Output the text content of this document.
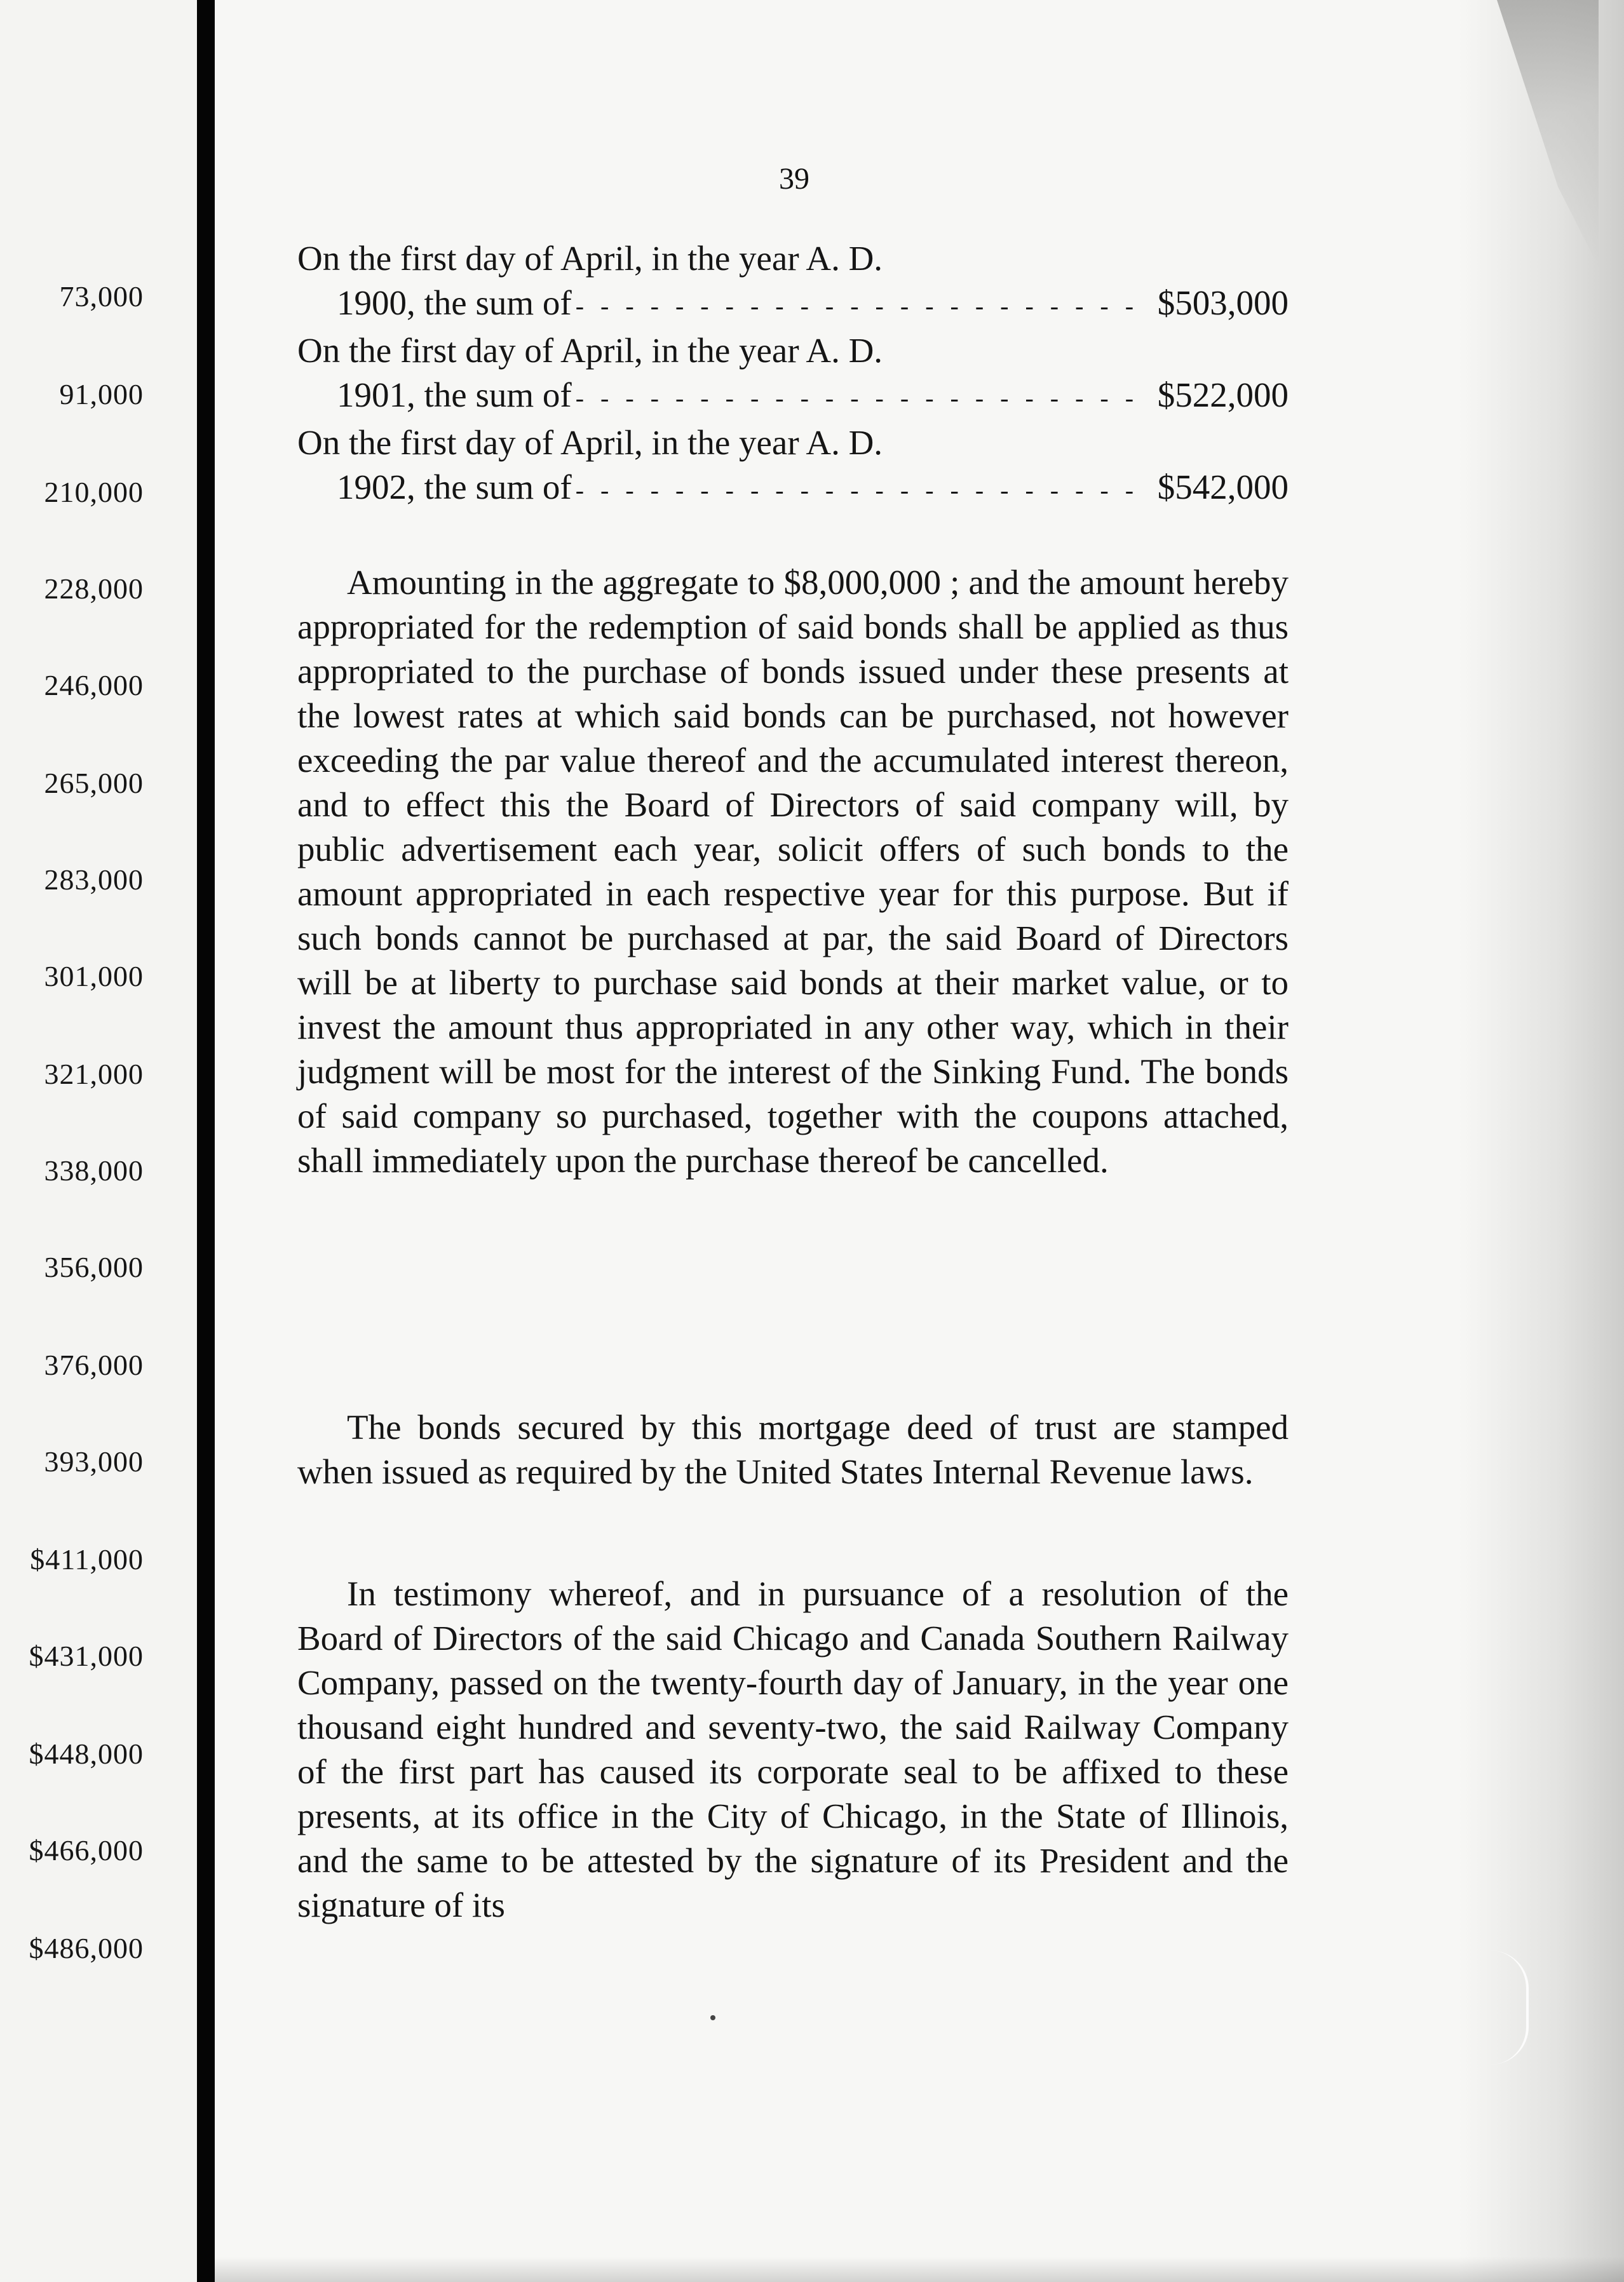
73,000
91,000
210,000
228,000
246,000
265,000
283,000
301,000
321,000
338,000
356,000
376,000
393,000
$411,000
$431,000
$448,000
$466,000
$486,000
39
On the first day of April, in the year A. D.
1900, the sum of - - -	$503,000
On the first day of April, in the year A. D.
1901, the sum of - - -	$522,000
On the first day of April, in the year A. D.
1902, the sum of - - -	$542,000

Amounting in the aggregate to $8,000,000 ; and the amount hereby appropriated for the redemption of said bonds shall be applied as thus appropriated to the purchase of bonds issued under these presents at the lowest rates at which said bonds can be purchased, not however exceeding the par value thereof and the accumulated interest thereon, and to effect this the Board of Directors of said company will, by public advertisement each year, solicit offers of such bonds to the amount appropriated in each respective year for this purpose. But if such bonds cannot be purchased at par, the said Board of Directors will be at liberty to purchase said bonds at their market value, or to invest the amount thus appropriated in any other way, which in their judgment will be most for the interest of the Sinking Fund. The bonds of said company so purchased, together with the coupons attached, shall immediately upon the purchase thereof be cancelled.

The bonds secured by this mortgage deed of trust are stamped when issued as required by the United States Internal Revenue laws.

In testimony whereof, and in pursuance of a resolution of the Board of Directors of the said Chicago and Canada Southern Railway Company, passed on the twenty-fourth day of January, in the year one thousand eight hundred and seventy-two, the said Railway Company of the first part has caused its corporate seal to be affixed to these presents, at its office in the City of Chicago, in the State of Illinois, and the same to be attested by the signature of its President and the signature of its
